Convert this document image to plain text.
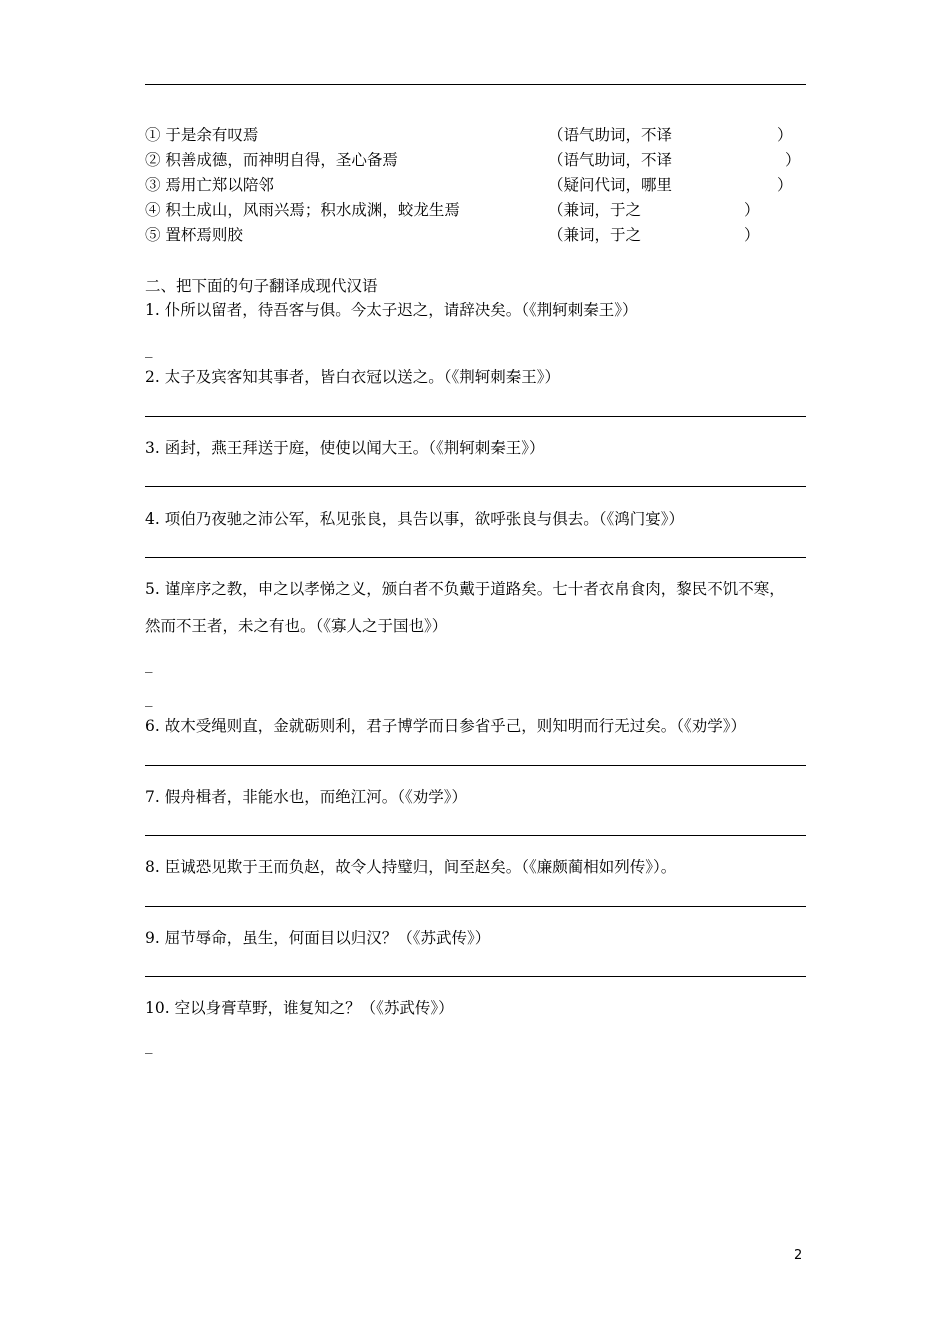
① 于是余有叹焉	（语气助词，不译	）
② 积善成德，而神明自得，圣心备焉	（语气助词，不译	）
③ 焉用亡郑以陪邻	（疑问代词，哪里	）
④ 积土成山，风雨兴焉；积水成渊，蛟龙生焉	（兼词，于之	）
⑤ 置杯焉则胶	（兼词，于之	）
二、把下面的句子翻译成现代汉语
1. 仆所以留者，待吾客与俱。今太子迟之，请辞决矣。（《荆轲刺秦王》）
_
2. 太子及宾客知其事者，皆白衣冠以送之。（《荆轲刺秦王》）
3. 函封，燕王拜送于庭，使使以闻大王。（《荆轲刺秦王》）
4. 项伯乃夜驰之沛公军，私见张良，具告以事，欲呼张良与俱去。（《鸿门宴》）
5. 谨庠序之教，申之以孝悌之义，颁白者不负戴于道路矣。七十者衣帛食肉，黎民不饥不寒，
然而不王者，未之有也。（《寡人之于国也》）
_
_
6. 故木受绳则直，金就砺则利，君子博学而日参省乎己，则知明而行无过矣。（《劝学》）
7. 假舟楫者，非能水也，而绝江河。（《劝学》）
8. 臣诚恐见欺于王而负赵，故令人持璧归，间至赵矣。（《廉颇蔺相如列传》）。
9. 屈节辱命，虽生，何面目以归汉？（《苏武传》）
10. 空以身膏草野，谁复知之？（《苏武传》）
_
2
